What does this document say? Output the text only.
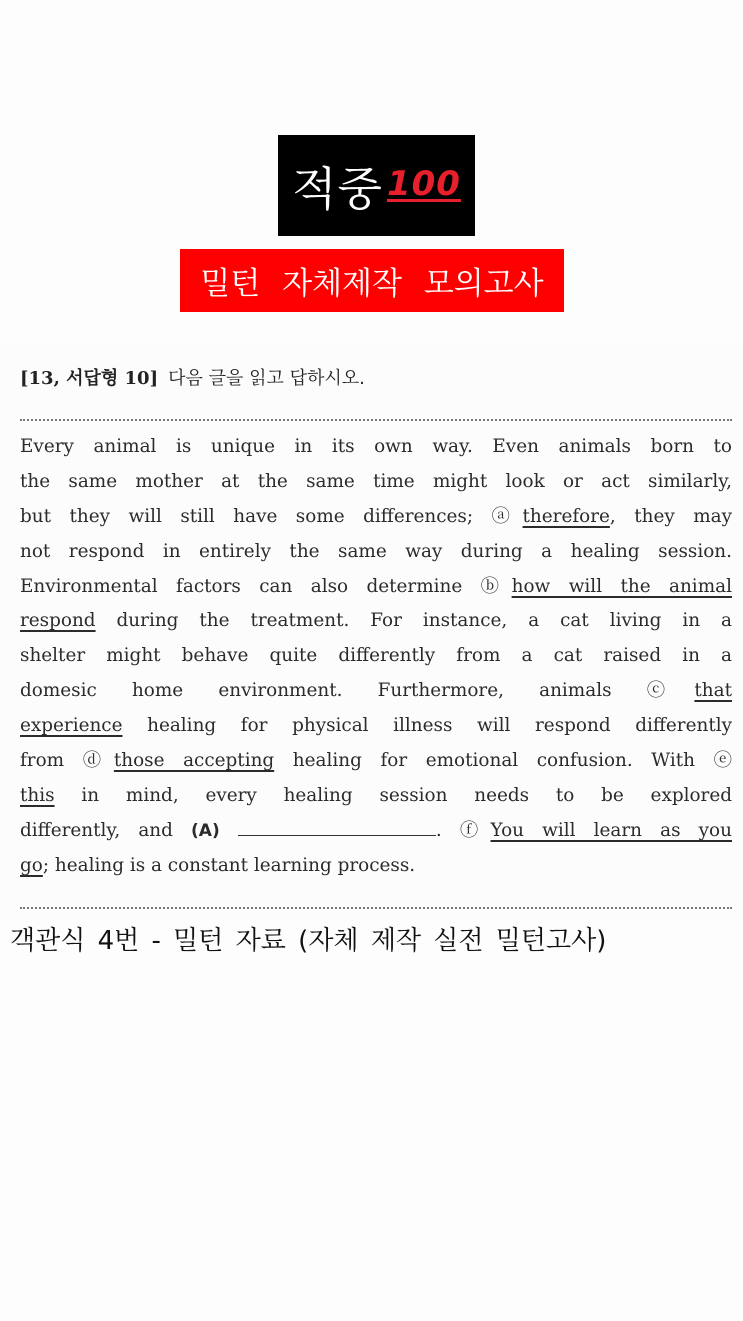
적중 100
밀턴 자체제작 모의고사
[13, 서답형 10] 다음 글을 읽고 답하시오.
Every animal is unique in its own way. Even animals born to
the same mother at the same time might look or act similarly,
but they will still have some differences; ⓐtherefore, they may
not respond in entirely the same way during a healing session.
Environmental factors can also determine ⓑhow will the animal
respond during the treatment. For instance, a cat living in a
shelter might behave quite differently from a cat raised in a
domesic home environment. Furthermore, animals ⓒthat
experience healing for physical illness will respond differently
from ⓓthose accepting healing for emotional confusion. With ⓔ
this in mind, every healing session needs to be explored
differently, and (A)	. ⓕYou will learn as you
go; healing is a constant learning process.
객관식 4번 - 밀턴 자료 (자체 제작 실전 밀턴고사)
